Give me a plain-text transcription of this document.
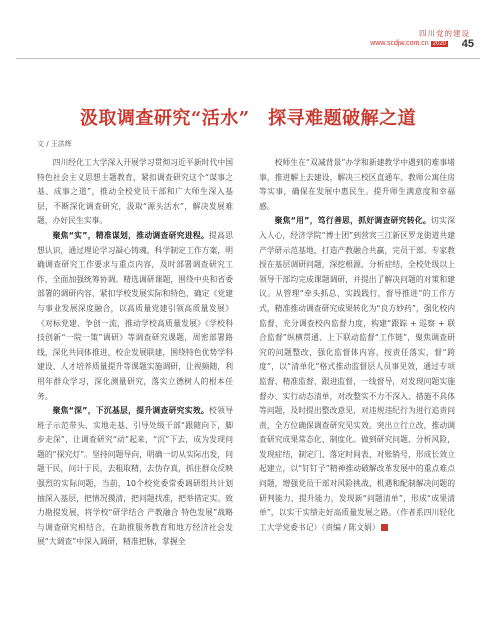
四川党的建设
www.scdjw.com.cn 2020 45
汲取调查研究“活水”　探寻难题破解之道
文 / 王洪辉

四川经化工大学深入开展学习贯彻习近平新时代中国特色社会主义思想主题教育，紧扣调查研究这个“谋事之基、成事之道”，推动全校党员干部和广大师生深入基层，不断深化调查研究，汲取“源头活水”，解决发展难题，办好民生实事。

聚焦“实”，精准谋划，推动调查研究进程。提高思想认识，通过理论学习凝心铸魂，科学制定工作方案，明确调查研究工作要求与重点内容，及时部署调查研究工作，全面加强统筹协调。精选调研课题，围绕中央和省委部署的调研内容，紧扣学校发展实际和特色，确定《党建与事业发展深度融合，以高质量党建引领高质量发展》《对标党建、争创一流，推动学校高质量发展》《学校科技创新“一院一策”调研》等调查研究课题，周密部署路线，深化共同体推进，校企发展联建，围绕特色优势学科建设、人才培养质量提升等课题实施调研，让视频随，利用年群众学习，深化测量研究，落实立德树人的根本任务。

聚焦“深”，下沉基层，提升调查研究实效。校领导班子示范带头、实地走基、引导处级干部“跟随向下，脚步走深”，让调查研究“动”起来，“沉”下去，成为发现问题的“探究灯”。坚持问题导向，明确一切从实际出发，问题干民，问计于民，去粗取精，去伪存真，抓住群众反映强烈的实际问题，当前，10个校党委常委调研组共计划抽深入基层，把情况摸清，把问题找准，把举措定实。致力勘提发展，将学校“研学结合 产教融合 特色发展”战略与调查研究相结合，在助推服务教育和地方经济社会发展“大调查”中深入调研，精准把脉，掌握全

校师生在“双减背景”办学和新建教学中遇到的难事堵事，推进解上去建设，解决三校区直通车、教师公寓住房等实事，确保在发展中惠民生。提升师生满意度和幸福感。

聚焦“用”，笃行善思，抓好调查研究转化。切实深入人心，经济学院“博士团”到营宾三江新区罗龙街道共建产学研示范基地，打造产教融合共赢，完员干部、专家教授在基层调研问题，深挖根源、分析症结，全校处级以上领导干部均完成课题调研，并提出了解决问题的对策和建议。从管理“牵头抓总、实践践行，督导推进”的工作方式，精准推动调查研究成果转化为“良方妙药”，强化校内监督，充分调查校内监督力度，构建“跟踪 + 巡察 + 联合监督”纵横贯通、上下联动监督“工作链”，聚焦调查研究的问题整改，强化监督体内容，按责任落实，督“跨度”，以“清单化”格式推动监督层人员事见效，通过专项监督、精准监督、跟进监督，一线督导，对发现问题实施督办、实行动态清单，对改整实不力不深入、措施不具体等问题，及时提出整改意见，对违规违纪行为进行追责问责，全方位确保调查研究见实效。突出立行立改，推动调查研究成果常态化、制度化。做到研究问题、分析风险，发现症结，制定门、落定时间表、对账销号，形成长效立起建立，以“钉钉子”精神推动破解改革发展中的重点难点问题，增强党员干部对风险挑战、机遇和配制解决问题的研判能力，提升能力，发现新“问题清单”，形成“成果清单”，以实干实绩走好高质量发展之路。（作者系四川轻化工大学党委书记）（责编 / 陈文娟）
